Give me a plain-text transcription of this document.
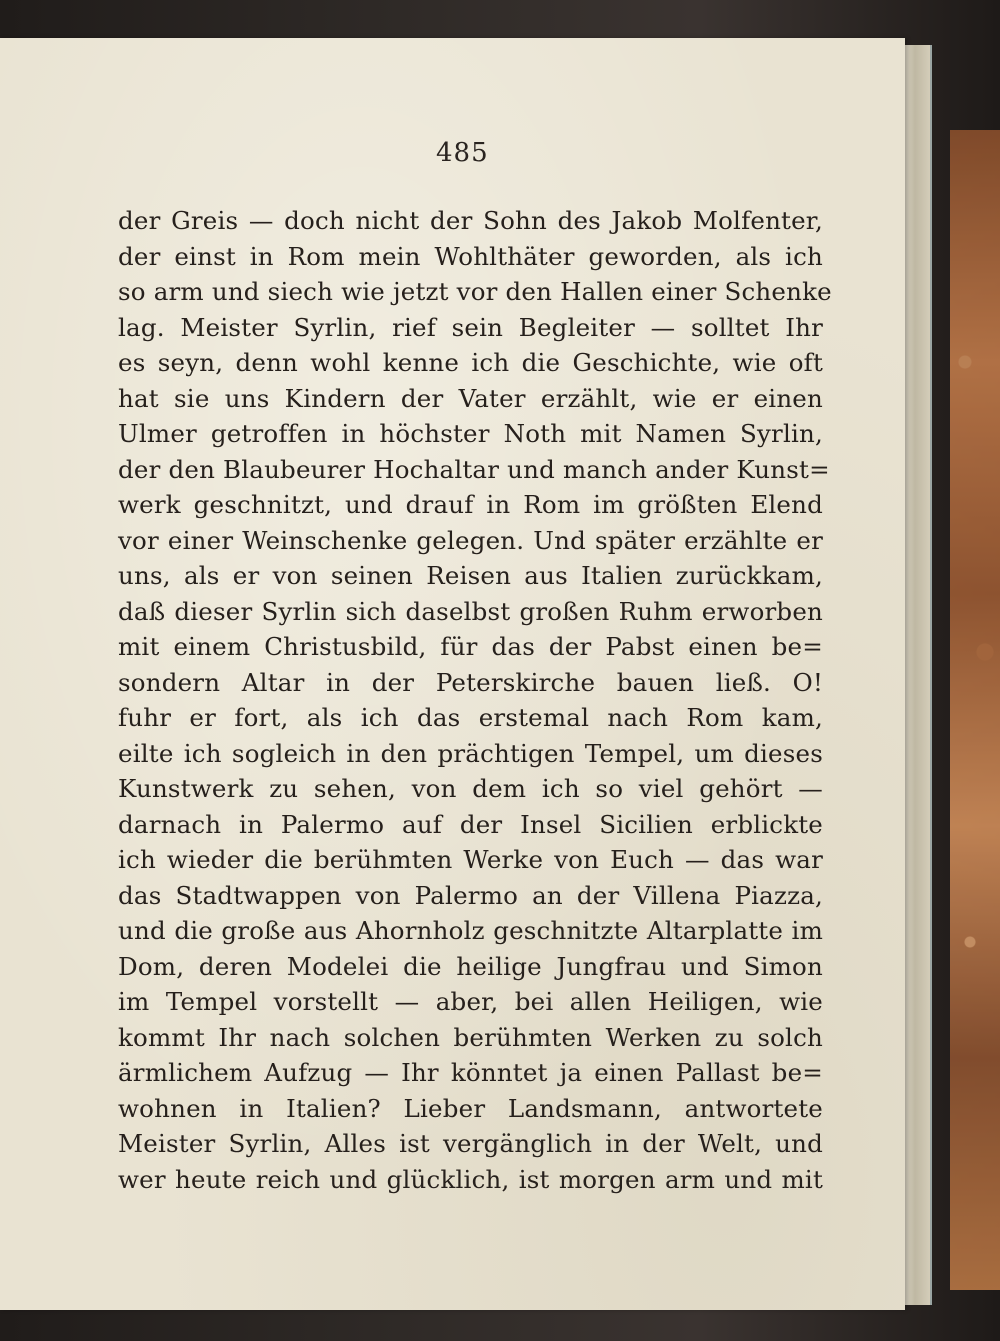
485
der Greis — doch nicht der Sohn des Jakob Molfenter,
der einst in Rom mein Wohlthäter geworden, als ich
so arm und siech wie jetzt vor den Hallen einer Schenke
lag. Meister Syrlin, rief sein Begleiter — solltet Ihr
es seyn, denn wohl kenne ich die Geschichte, wie oft
hat sie uns Kindern der Vater erzählt, wie er einen
Ulmer getroffen in höchster Noth mit Namen Syrlin,
der den Blaubeurer Hochaltar und manch ander Kunst=
werk geschnitzt, und drauf in Rom im größten Elend
vor einer Weinschenke gelegen. Und später erzählte er
uns, als er von seinen Reisen aus Italien zurückkam,
daß dieser Syrlin sich daselbst großen Ruhm erworben
mit einem Christusbild, für das der Pabst einen be=
sondern Altar in der Peterskirche bauen ließ. O!
fuhr er fort, als ich das erstemal nach Rom kam,
eilte ich sogleich in den prächtigen Tempel, um dieses
Kunstwerk zu sehen, von dem ich so viel gehört —
darnach in Palermo auf der Insel Sicilien erblickte
ich wieder die berühmten Werke von Euch — das war
das Stadtwappen von Palermo an der Villena Piazza,
und die große aus Ahornholz geschnitzte Altarplatte im
Dom, deren Modelei die heilige Jungfrau und Simon
im Tempel vorstellt — aber, bei allen Heiligen, wie
kommt Ihr nach solchen berühmten Werken zu solch
ärmlichem Aufzug — Ihr könntet ja einen Pallast be=
wohnen in Italien? Lieber Landsmann, antwortete
Meister Syrlin, Alles ist vergänglich in der Welt, und
wer heute reich und glücklich, ist morgen arm und mit
